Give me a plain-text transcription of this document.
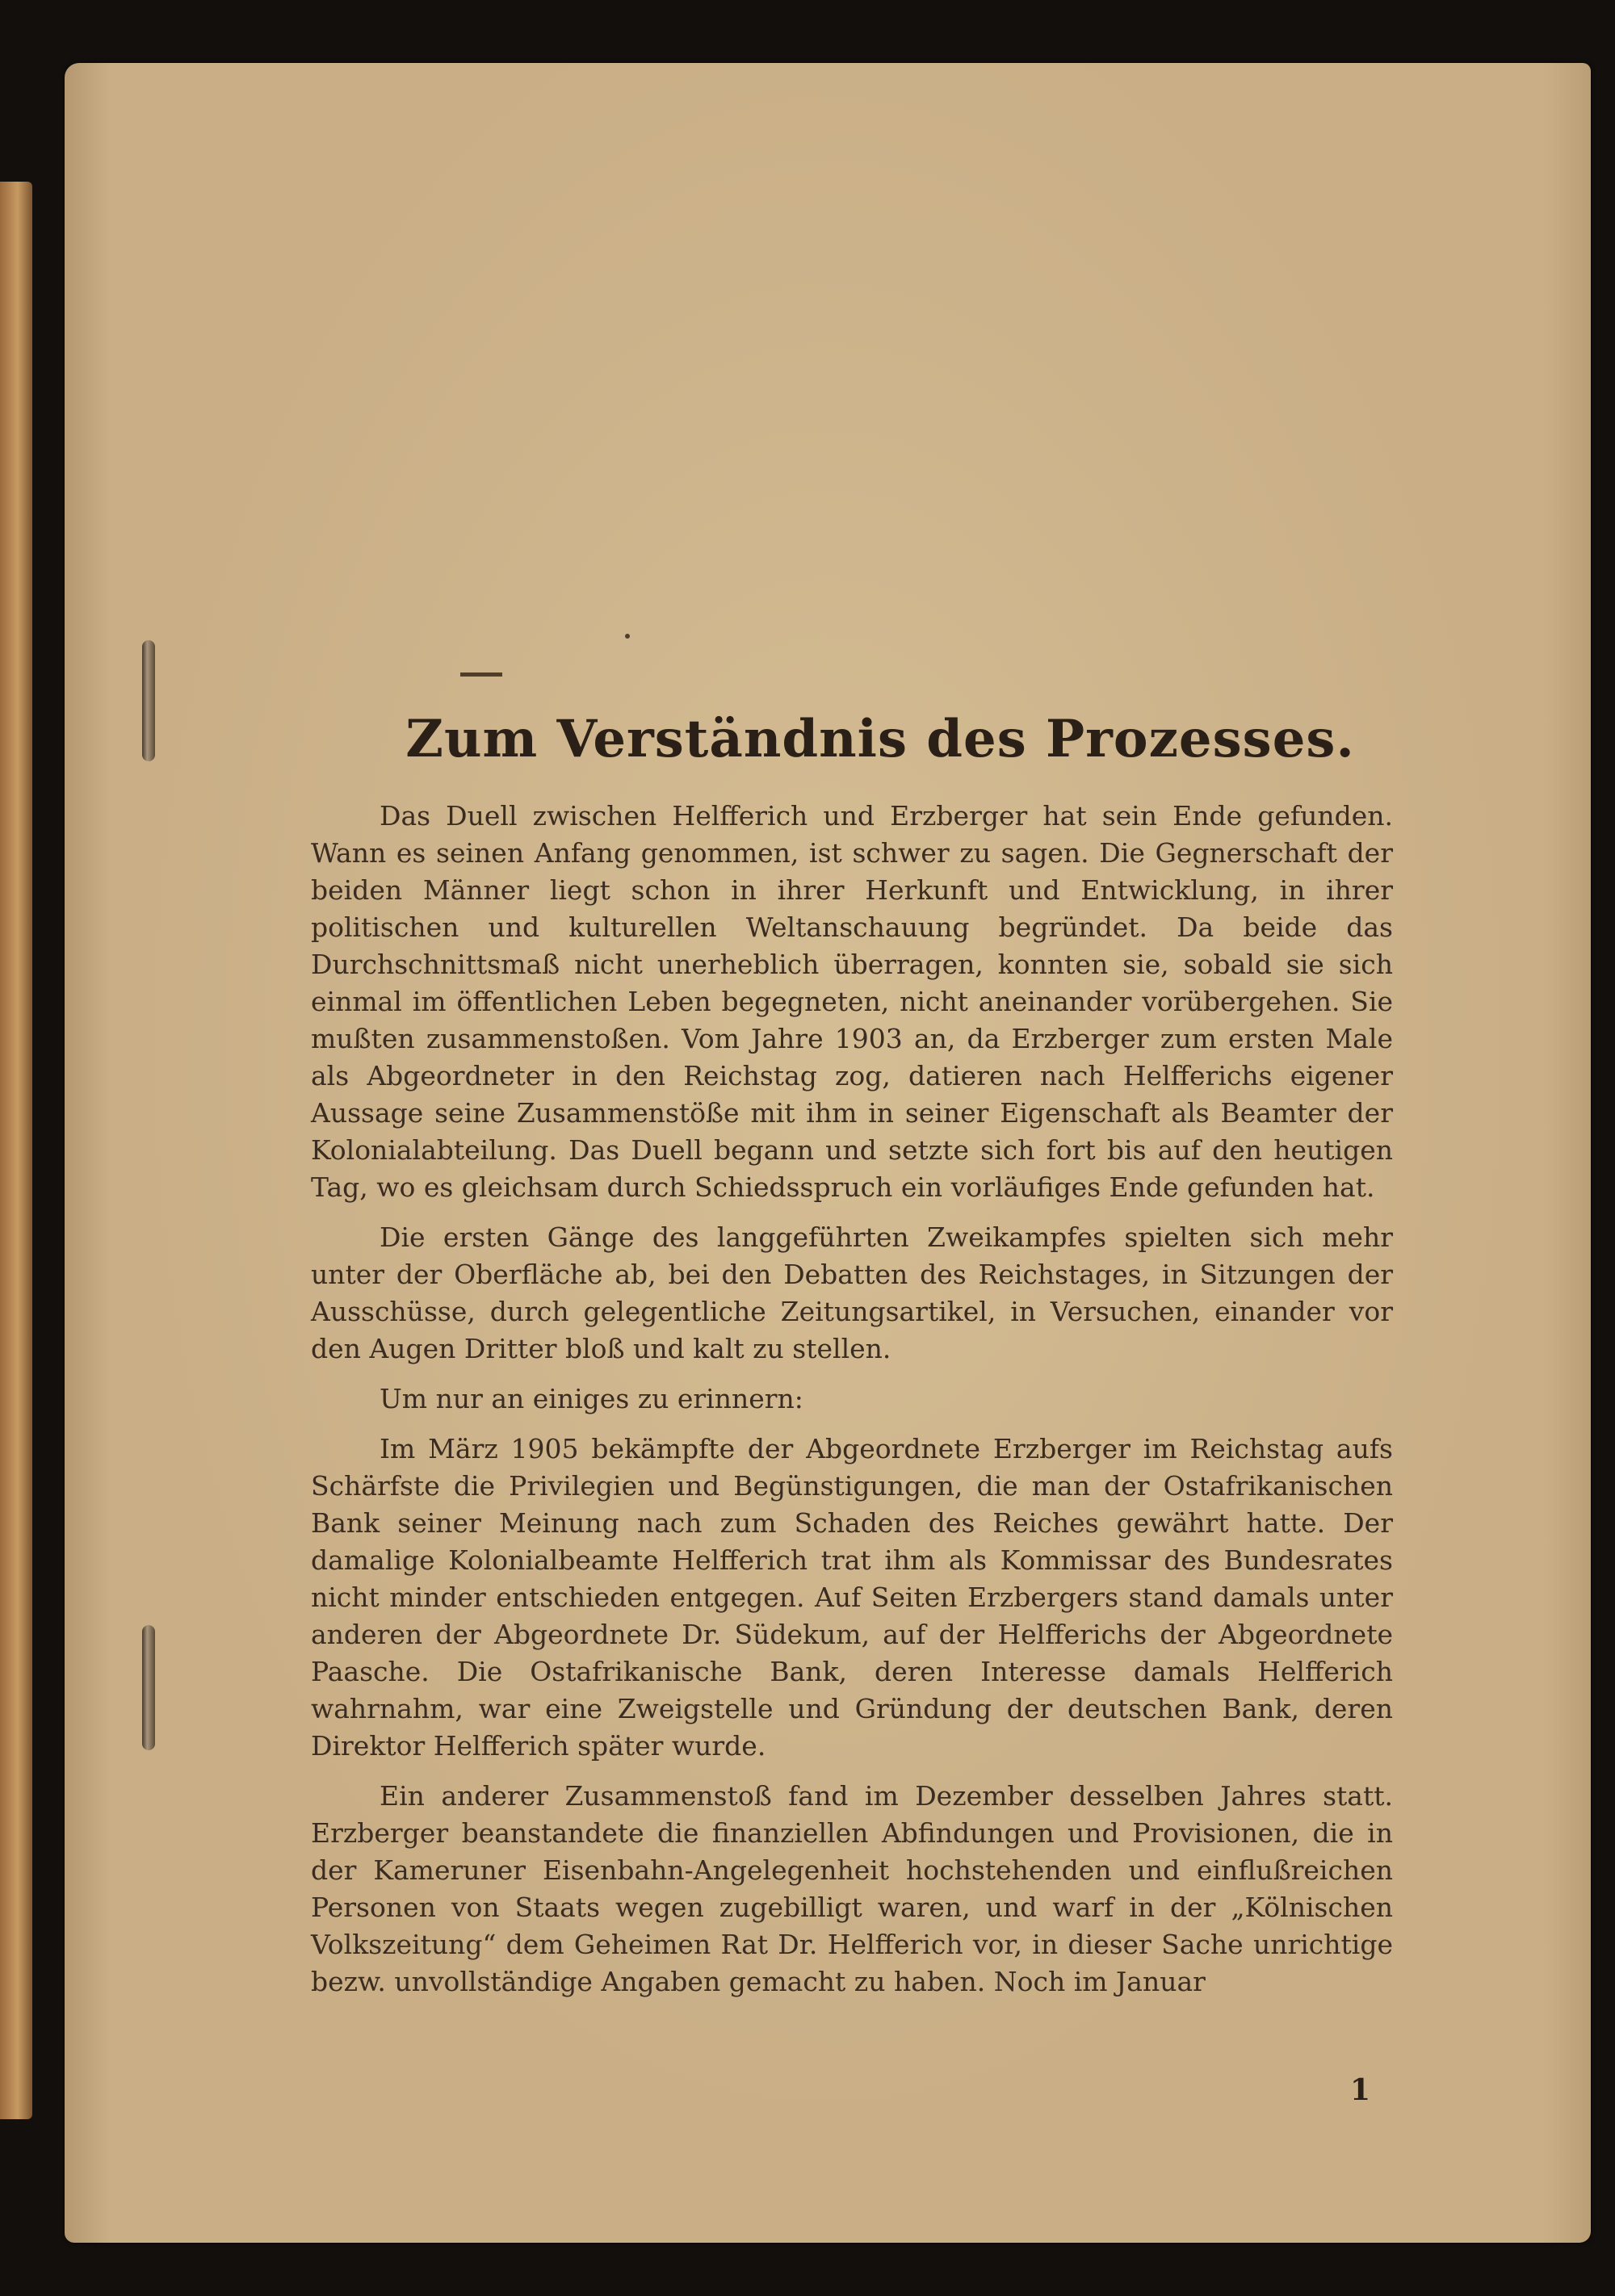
Zum Verständnis des Prozesses.

Das Duell zwischen Helfferich und Erzberger hat sein Ende gefunden. Wann es seinen Anfang genommen, ist schwer zu sagen. Die Gegnerschaft der beiden Männer liegt schon in ihrer Herkunft und Entwicklung, in ihrer politischen und kulturellen Weltanschauung begründet. Da beide das Durchschnittsmaß nicht unerheblich überragen, konnten sie, sobald sie sich einmal im öffentlichen Leben begegneten, nicht aneinander vorübergehen. Sie mußten zusammenstoßen. Vom Jahre 1903 an, da Erzberger zum ersten Male als Abgeordneter in den Reichstag zog, datieren nach Helfferichs eigener Aussage seine Zusammenstöße mit ihm in seiner Eigenschaft als Beamter der Kolonialabteilung. Das Duell begann und setzte sich fort bis auf den heutigen Tag, wo es gleichsam durch Schiedsspruch ein vorläufiges Ende gefunden hat.

Die ersten Gänge des langgeführten Zweikampfes spielten sich mehr unter der Oberfläche ab, bei den Debatten des Reichstages, in Sitzungen der Ausschüsse, durch gelegentliche Zeitungsartikel, in Versuchen, einander vor den Augen Dritter bloß und kalt zu stellen.

Um nur an einiges zu erinnern:

Im März 1905 bekämpfte der Abgeordnete Erzberger im Reichstag aufs Schärfste die Privilegien und Begünstigungen, die man der Ostafrikanischen Bank seiner Meinung nach zum Schaden des Reiches gewährt hatte. Der damalige Kolonialbeamte Helfferich trat ihm als Kommissar des Bundesrates nicht minder entschieden entgegen. Auf Seiten Erzbergers stand damals unter anderen der Abgeordnete Dr. Südekum, auf der Helfferichs der Abgeordnete Paasche. Die Ostafrikanische Bank, deren Interesse damals Helfferich wahrnahm, war eine Zweigstelle und Gründung der deutschen Bank, deren Direktor Helfferich später wurde.

Ein anderer Zusammenstoß fand im Dezember desselben Jahres statt. Erzberger beanstandete die finanziellen Abfindungen und Provisionen, die in der Kameruner Eisenbahn-Angelegenheit hochstehenden und einflußreichen Personen von Staats wegen zugebilligt waren, und warf in der „Kölnischen Volkszeitung“ dem Geheimen Rat Dr. Helfferich vor, in dieser Sache unrichtige bezw. unvollständige Angaben gemacht zu haben. Noch im Januar

1
